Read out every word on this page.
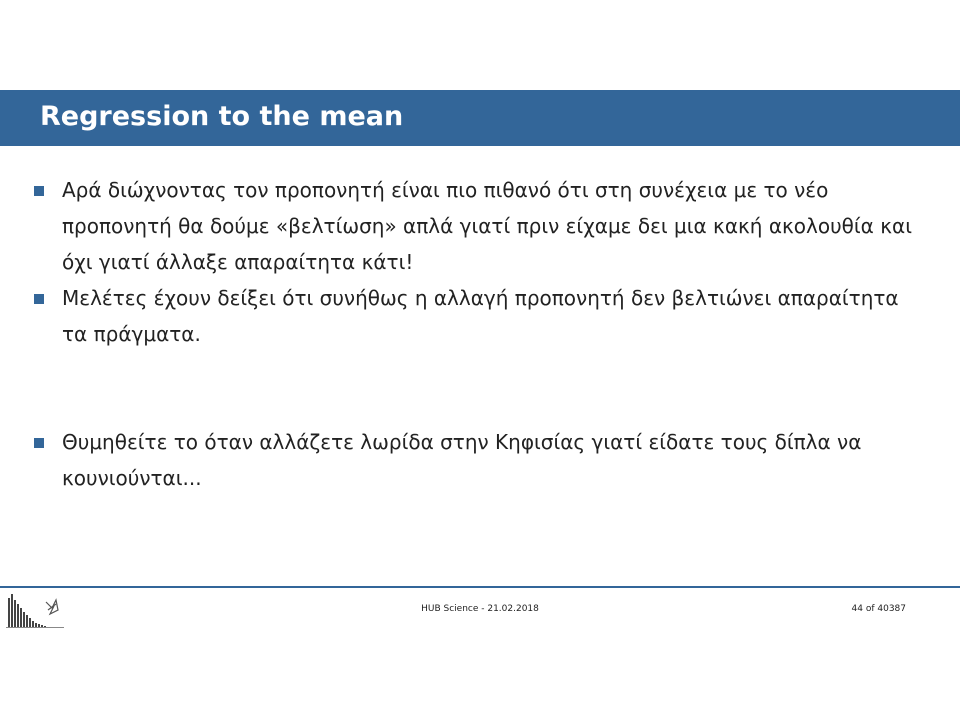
Regression to the mean
Αρά διώχνοντας τον προπονητή είναι πιο πιθανό ότι στη συνέχεια με το νέο προπονητή θα δούμε «βελτίωση» απλά γιατί πριν είχαμε δει μια κακή ακολουθία και όχι γιατί άλλαξε απαραίτητα κάτι!
Μελέτες έχουν δείξει ότι συνήθως η αλλαγή προπονητή δεν βελτιώνει απαραίτητα τα πράγματα.
Θυμηθείτε το όταν αλλάζετε λωρίδα στην Κηφισίας γιατί είδατε τους δίπλα να κουνιούνται...
HUB Science - 21.02.2018	44 of 40387
